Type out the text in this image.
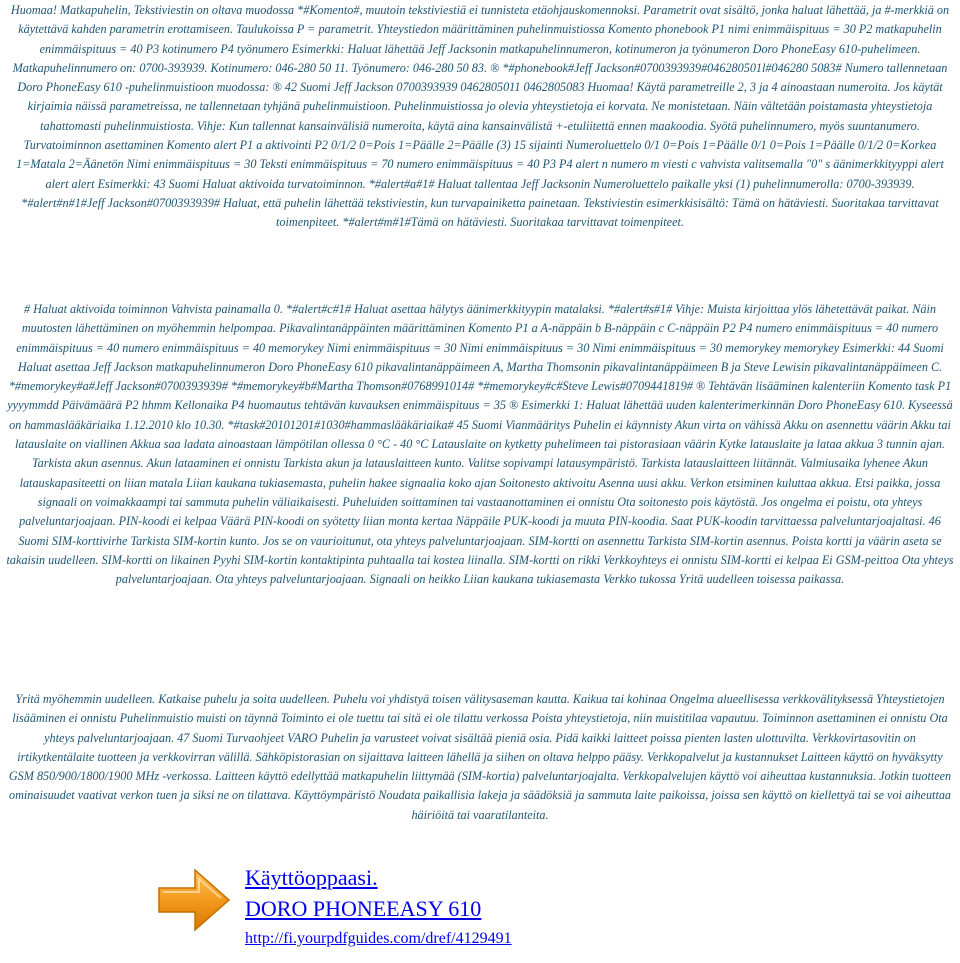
Huomaa! Matkapuhelin, Tekstiviestin on oltava muodossa *#Komento#, muutoin tekstiviestiä ei tunnisteta etäohjauskomennoksi. Parametrit ovat sisältö, jonka haluat lähettää, ja #-merkkiä on käytettävä kahden parametrin erottamiseen. Taulukoissa P = parametrit. Yhteystiedon määrittäminen puhelinmuistiossa Komento phonebook P1 nimi enimmäispituus = 30 P2 matkapuhelin enimmäispituus = 40 P3 kotinumero P4 työnumero Esimerkki: Haluat lähettää Jeff Jacksonin matkapuhelinnumeron, kotinumeron ja työnumeron Doro PhoneEasy 610-puhelimeen. Matkapuhelinnumero on: 0700-393939. Kotinumero: 046-280 50 11. Työnumero: 046-280 50 83. ® *#phonebook#Jeff Jackson#0700393939#046280501l#046280 5083# Numero tallennetaan Doro PhoneEasy 610 -puhelinmuistioon muodossa: ® 42 Suomi Jeff Jackson 0700393939 0462805011 0462805083 Huomaa! Käytä parametreille 2, 3 ja 4 ainoastaan numeroita. Jos käytät kirjaimia näissä parametreissa, ne tallennetaan tyhjänä puhelinmuistioon. Puhelinmuistiossa jo olevia yhteystietoja ei korvata. Ne monistetaan. Näin vältetään poistamasta yhteystietoja tahattomasti puhelinmuistiosta. Vihje: Kun tallennat kansainvälisiä numeroita, käytä aina kansainvälistä +-etuliitettä ennen maakoodia. Syötä puhelinnumero, myös suuntanumero. Turvatoiminnon asettaminen Komento alert P1 a aktivointi P2 0/1/2 0=Pois 1=Päälle 2=Päälle (3) 15 sijainti Numeroluettelo 0/1 0=Pois 1=Päälle 0/1 0=Pois 1=Päälle 0/1/2 0=Korkea 1=Matala 2=Äänetön Nimi enimmäispituus = 30 Teksti enimmäispituus = 70 numero enimmäispituus = 40 P3 P4 alert n numero m viesti c vahvista valitsemalla "0" s äänimerkkityyppi alert alert alert Esimerkki: 43 Suomi Haluat aktivoida turvatoiminnon. *#alert#a#1# Haluat tallentaa Jeff Jacksonin Numeroluettelo paikalle yksi (1) puhelinnumerolla: 0700-393939. *#alert#n#1#Jeff Jackson#0700393939# Haluat, että puhelin lähettää tekstiviestin, kun turvapainiketta painetaan. Tekstiviestin esimerkkisisältö: Tämä on hätäviesti. Suoritakaa tarvittavat toimenpiteet. *#alert#m#1#Tämä on hätäviesti. Suoritakaa tarvittavat toimenpiteet.

# Haluat aktivoida toiminnon Vahvista painamalla 0. *#alert#c#1# Haluat asettaa hälytys äänimerkkityypin matalaksi. *#alert#s#1# Vihje: Muista kirjoittaa ylös lähetettävät paikat. Näin muutosten lähettäminen on myöhemmin helpompaa. Pikavalintanäppäinten määrittäminen Komento P1 a A-näppäin b B-näppäin c C-näppäin P2 P4 numero enimmäispituus = 40 numero enimmäispituus = 40 numero enimmäispituus = 40 memorykey Nimi enimmäispituus = 30 Nimi enimmäispituus = 30 Nimi enimmäispituus = 30 memorykey memorykey Esimerkki: 44 Suomi Haluat asettaa Jeff Jackson matkapuhelinnumeron Doro PhoneEasy 610 pikavalintanäppäimeen A, Martha Thomsonin pikavalintanäppäimeen B ja Steve Lewisin pikavalintanäppäimeen C. *#memorykey#a#Jeff Jackson#0700393939# *#memorykey#b#Martha Thomson#0768991014# *#memorykey#c#Steve Lewis#0709441819# ® Tehtävän lisääminen kalenteriin Komento task P1 yyyymmdd Päivämäärä P2 hhmm Kellonaika P4 huomautus tehtävän kuvauksen enimmäispituus = 35 ® Esimerkki 1: Haluat lähettää uuden kalenterimerkinnän Doro PhoneEasy 610. Kyseessä on hammaslääkäriaika 1.12.2010 klo 10.30. *#task#20101201#1030#hammaslääkäriaika# 45 Suomi Vianmääritys Puhelin ei käynnisty Akun virta on vähissä Akku on asennettu väärin Akku tai latauslaite on viallinen Akkua saa ladata ainoastaan lämpötilan ollessa 0 °C - 40 °C Latauslaite on kytketty puhelimeen tai pistorasiaan väärin Kytke latauslaite ja lataa akkua 3 tunnin ajan. Tarkista akun asennus. Akun lataaminen ei onnistu Tarkista akun ja latauslaitteen kunto. Valitse sopivampi latausympäristö. Tarkista latauslaitteen liitännät. Valmiusaika lyhenee Akun latauskapasiteetti on liian matala Liian kaukana tukiasemasta, puhelin hakee signaalia koko ajan Soitonesto aktivoitu Asenna uusi akku. Verkon etsiminen kuluttaa akkua. Etsi paikka, jossa signaali on voimakkaampi tai sammuta puhelin väliaikaisesti. Puheluiden soittaminen tai vastaanottaminen ei onnistu Ota soitonesto pois käytöstä. Jos ongelma ei poistu, ota yhteys palveluntarjoajaan. PIN-koodi ei kelpaa Väärä PIN-koodi on syötetty liian monta kertaa Näppäile PUK-koodi ja muuta PIN-koodia. Saat PUK-koodin tarvittaessa palveluntarjoajaltasi. 46 Suomi SIM-korttivirhe Tarkista SIM-kortin kunto. Jos se on vaurioitunut, ota yhteys palveluntarjoajaan. SIM-kortti on asennettu Tarkista SIM-kortin asennus. Poista kortti ja väärin aseta se takaisin uudelleen. SIM-kortti on likainen Pyyhi SIM-kortin kontaktipinta puhtaalla tai kostea liinalla. SIM-kortti on rikki Verkkoyhteys ei onnistu SIM-kortti ei kelpaa Ei GSM-peittoa Ota yhteys palveluntarjoajaan. Ota yhteys palveluntarjoajaan. Signaali on heikko Liian kaukana tukiasemasta Verkko tukossa Yritä uudelleen toisessa paikassa.

Yritä myöhemmin uudelleen. Katkaise puhelu ja soita uudelleen. Puhelu voi yhdistyä toisen välitysaseman kautta. Kaikua tai kohinaa Ongelma alueellisessa verkkovälityksessä Yhteystietojen lisääminen ei onnistu Puhelinmuistio muisti on täynnä Toiminto ei ole tuettu tai sitä ei ole tilattu verkossa Poista yhteystietoja, niin muistitilaa vapautuu. Toiminnon asettaminen ei onnistu Ota yhteys palveluntarjoajaan. 47 Suomi Turvaohjeet VARO Puhelin ja varusteet voivat sisältää pieniä osia. Pidä kaikki laitteet poissa pienten lasten ulottuvilta. Verkkovirtasovitin on irtikytkentälaite tuotteen ja verkkovirran välillä. Sähköpistorasian on sijaittava laitteen lähellä ja siihen on oltava helppo pääsy. Verkkopalvelut ja kustannukset Laitteen käyttö on hyväksytty GSM 850/900/1800/1900 MHz -verkossa. Laitteen käyttö edellyttää matkapuhelin liittymää (SIM-kortia) palveluntarjoajalta. Verkkopalvelujen käyttö voi aiheuttaa kustannuksia. Jotkin tuotteen ominaisuudet vaativat verkon tuen ja siksi ne on tilattava. Käyttöympäristö Noudata paikallisia lakeja ja säädöksiä ja sammuta laite paikoissa, joissa sen käyttö on kiellettyä tai se voi aiheuttaa häiriöitä tai vaaratilanteita.

Käyttöoppaasi.
DORO PHONEEASY 610
http://fi.yourpdfguides.com/dref/4129491
